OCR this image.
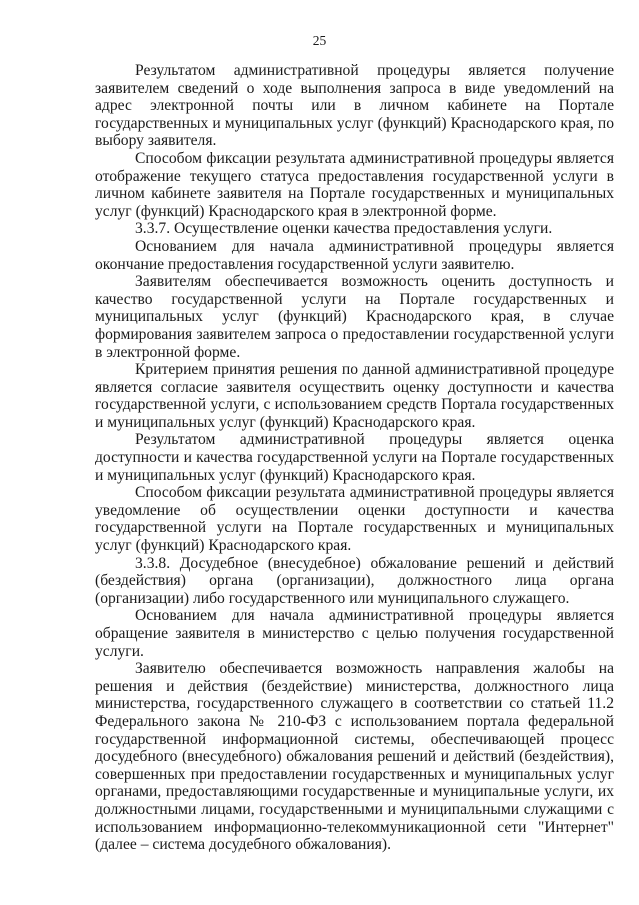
25

Результатом административной процедуры является получение заявителем сведений о ходе выполнения запроса в виде уведомлений на адрес электронной почты или в личном кабинете на Портале государственных и муниципальных услуг (функций) Краснодарского края, по выбору заявителя.

Способом фиксации результата административной процедуры является отображение текущего статуса предоставления государственной услуги в личном кабинете заявителя на Портале государственных и муниципальных услуг (функций) Краснодарского края в электронной форме.

3.3.7. Осуществление оценки качества предоставления услуги.

Основанием для начала административной процедуры является окончание предоставления государственной услуги заявителю.

Заявителям обеспечивается возможность оценить доступность и качество государственной услуги на Портале государственных и муниципальных услуг (функций) Краснодарского края, в случае формирования заявителем запроса о предоставлении государственной услуги в электронной форме.

Критерием принятия решения по данной административной процедуре является согласие заявителя осуществить оценку доступности и качества государственной услуги, с использованием средств Портала государственных и муниципальных услуг (функций) Краснодарского края.

Результатом административной процедуры является оценка доступности и качества государственной услуги на Портале государственных и муниципальных услуг (функций) Краснодарского края.

Способом фиксации результата административной процедуры является уведомление об осуществлении оценки доступности и качества государственной услуги на Портале государственных и муниципальных услуг (функций) Краснодарского края.

3.3.8. Досудебное (внесудебное) обжалование решений и действий (бездействия) органа (организации), должностного лица органа (организации) либо государственного или муниципального служащего.

Основанием для начала административной процедуры является обращение заявителя в министерство с целью получения государственной услуги.

Заявителю обеспечивается возможность направления жалобы на решения и действия (бездействие) министерства, должностного лица министерства, государственного служащего в соответствии со статьей 11.2 Федерального закона № 210-ФЗ с использованием портала федеральной государственной информационной системы, обеспечивающей процесс досудебного (внесудебного) обжалования решений и действий (бездействия), совершенных при предоставлении государственных и муниципальных услуг органами, предоставляющими государственные и муниципальные услуги, их должностными лицами, государственными и муниципальными служащими с использованием информационно-телекоммуникационной сети "Интернет" (далее – система досудебного обжалования).
